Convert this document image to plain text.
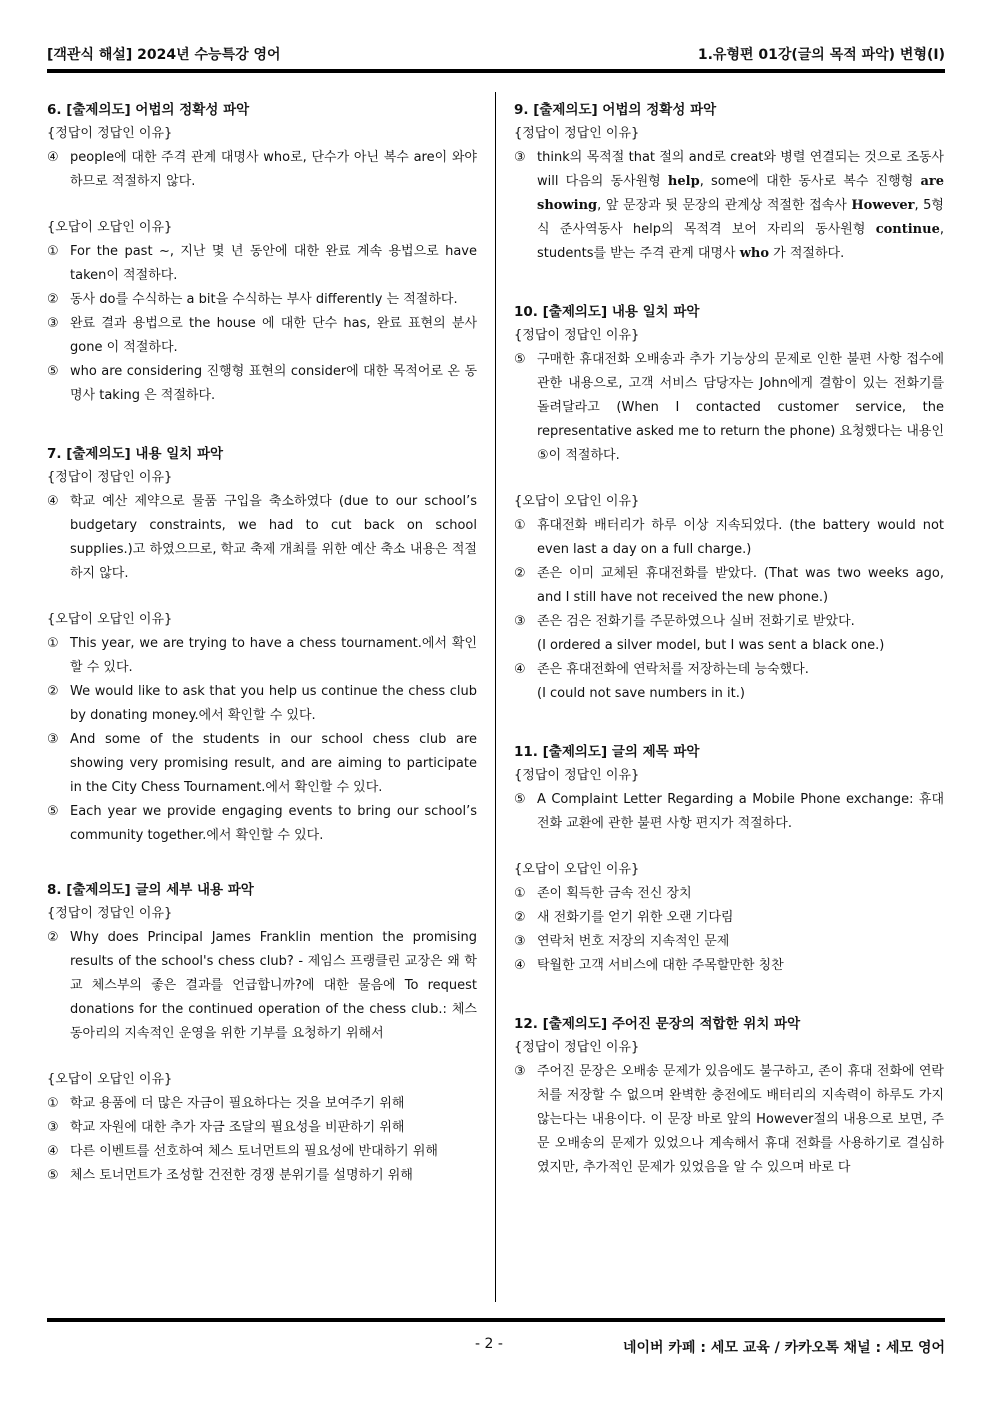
[객관식 해설] 2024년 수능특강 영어	1.유형편 01강(글의 목적 파악) 변형(I)
6. [출제의도] 어법의 정확성 파악
{정답이 정답인 이유}
④ people에 대한 주격 관계 대명사 who로, 단수가 아닌 복수 are이 와야 하므로 적절하지 않다.
{오답이 오답인 이유}
① For the past ~, 지난 몇 년 동안에 대한 완료 계속 용법으로 have taken이 적절하다.
② 동사 do를 수식하는 a bit을 수식하는 부사 differently 는 적절하다.
③ 완료 결과 용법으로 the house 에 대한 단수 has, 완료 표현의 분사 gone 이 적절하다.
⑤ who are considering 진행형 표현의 consider에 대한 목적어로 온 동명사 taking 은 적절하다.
7. [출제의도] 내용 일치 파악
{정답이 정답인 이유}
④ 학교 예산 제약으로 물품 구입을 축소하였다 (due to our school’s budgetary constraints, we had to cut back on school supplies.)고 하였으므로, 학교 축제 개최를 위한 예산 축소 내용은 적절하지 않다.
{오답이 오답인 이유}
① This year, we are trying to have a chess tournament.에서 확인할 수 있다.
② We would like to ask that you help us continue the chess club by donating money.에서 확인할 수 있다.
③ And some of the students in our school chess club are showing very promising result, and are aiming to participate in the City Chess Tournament.에서 확인할 수 있다.
⑤ Each year we provide engaging events to bring our school’s community together.에서 확인할 수 있다.
8. [출제의도] 글의 세부 내용 파악
{정답이 정답인 이유}
② Why does Principal James Franklin mention the promising results of the school's chess club? - 제임스 프랭클린 교장은 왜 학교 체스부의 좋은 결과를 언급합니까?에 대한 물음에 To request donations for the continued operation of the chess club.: 체스 동아리의 지속적인 운영을 위한 기부를 요청하기 위해서
{오답이 오답인 이유}
① 학교 용품에 더 많은 자금이 필요하다는 것을 보여주기 위해
③ 학교 자원에 대한 추가 자금 조달의 필요성을 비판하기 위해
④ 다른 이벤트를 선호하여 체스 토너먼트의 필요성에 반대하기 위해
⑤ 체스 토너먼트가 조성할 건전한 경쟁 분위기를 설명하기 위해
9. [출제의도] 어법의 정확성 파악
{정답이 정답인 이유}
③ think의 목적절 that 절의 and로 creat와 병렬 연결되는 것으로 조동사 will 다음의 동사원형 help, some에 대한 동사로 복수 진행형 are showing, 앞 문장과 뒷 문장의 관계상 적절한 접속사 However, 5형식 준사역동사 help의 목적격 보어 자리의 동사원형 continue, students를 받는 주격 관계 대명사 who 가 적절하다.
10. [출제의도] 내용 일치 파악
{정답이 정답인 이유}
⑤ 구매한 휴대전화 오배송과 추가 기능상의 문제로 인한 불편 사항 접수에 관한 내용으로, 고객 서비스 담당자는 John에게 결함이 있는 전화기를 돌려달라고 (When I contacted customer service, the representative asked me to return the phone) 요청했다는 내용인 ⑤이 적절하다.
{오답이 오답인 이유}
① 휴대전화 배터리가 하루 이상 지속되었다. (the battery would not even last a day on a full charge.)
② 존은 이미 교체된 휴대전화를 받았다. (That was two weeks ago, and I still have not received the new phone.)
③ 존은 검은 전화기를 주문하였으나 실버 전화기로 받았다.
(I ordered a silver model, but I was sent a black one.)
④ 존은 휴대전화에 연락처를 저장하는데 능숙했다.
(I could not save numbers in it.)
11. [출제의도] 글의 제목 파악
{정답이 정답인 이유}
⑤ A Complaint Letter Regarding a Mobile Phone exchange: 휴대전화 교환에 관한 불편 사항 편지가 적절하다.
{오답이 오답인 이유}
① 존이 획득한 금속 전신 장치
② 새 전화기를 얻기 위한 오랜 기다림
③ 연락처 번호 저장의 지속적인 문제
④ 탁월한 고객 서비스에 대한 주목할만한 칭찬
12. [출제의도] 주어진 문장의 적합한 위치 파악
{정답이 정답인 이유}
③ 주어진 문장은 오배송 문제가 있음에도 불구하고, 존이 휴대 전화에 연락처를 저장할 수 없으며 완벽한 충전에도 배터리의 지속력이 하루도 가지 않는다는 내용이다. 이 문장 바로 앞의 However절의 내용으로 보면, 주문 오배송의 문제가 있었으나 계속해서 휴대 전화를 사용하기로 결심하였지만, 추가적인 문제가 있었음을 알 수 있으며 바로 다
- 2 -	네이버 카페 : 세모 교육 / 카카오톡 채널 : 세모 영어
